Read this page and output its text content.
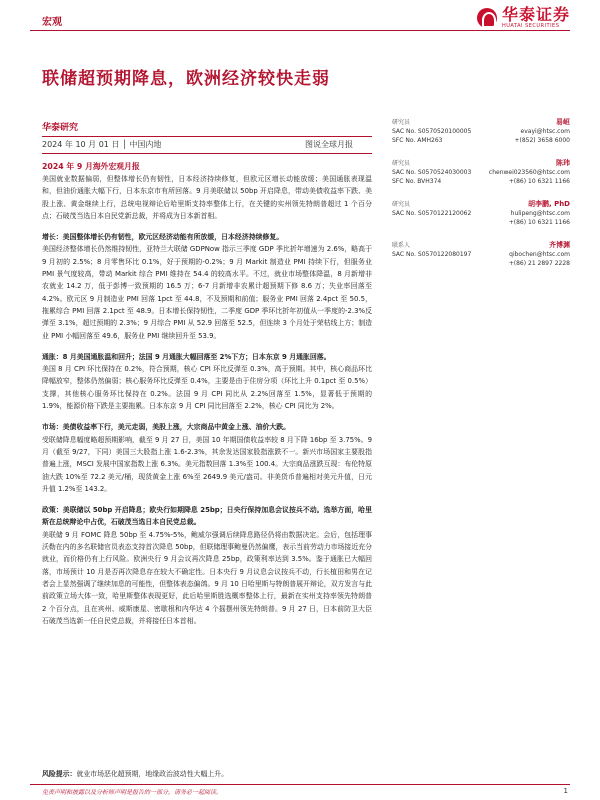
宏观	华泰证券
HUATAI SECURITIES
联储超预期降息，欧洲经济较快走弱
华泰研究
2024 年 10 月 01 日 │ 中国内地	图说全球月报

2024 年 9 月海外宏观月报

美国就业数据偏弱，但整体增长仍有韧性，日本经济持续修复，但欧元区增长动能放缓；美国通胀表现温和，但油价通胀大幅下行，日本东京市有所回落。9 月美联储以 50bp 开启降息，带动美债收益率下跌、美股上涨、黄金继续上行，总统电视辩论后哈里斯支持率整体上行，在关键的实州领先特朗普超过 1 个百分点；石破茂当选日本自民党新总裁，并将成为日本新首相。

增长：美国整体增长仍有韧性，欧元区经济动能有所放缓，日本经济持续修复。

美国经济整体增长仍然维持韧性，亚特兰大联储 GDPNow 指示三季度 GDP 季比折年增速为 2.6%，略高于 9 月初的 2.5%；8 月零售环比 0.1%，好于预期的-0.2%；9 月 Markit 制造业 PMI 持续下行，但服务业 PMI 景气度较高，带动 Markit 综合 PMI 维持在 54.4 的较高水平。不过，就业市场整体降温，8 月新增非农就业 14.2 万，低于彭博一致预期的 16.5 万；6-7 月新增非农累计超预期下修 8.6 万；失业率回落至 4.2%。欧元区 9 月制造业 PMI 回落 1pct 至 44.8，不及预期和前值；服务业 PMI 回落 2.4pct 至 50.5，拖累综合 PMI 回落 2.1pct 至 48.9。日本增长保持韧性，二季度 GDP 季环比折年初值从一季度的-2.3%反弹至 3.1%，超过预期的 2.3%；9 月综合 PMI 从 52.9 回落至 52.5，但连续 3 个月处于荣枯线上方；制造业 PMI 小幅回落至 49.6，服务业 PMI 继续回升至 53.9。

通胀：8 月美国通胀温和回升；法国 9 月通胀大幅回落至 2%下方；日本东京 9 月通胀回落。

美国 8 月 CPI 环比保持在 0.2%，符合预期，核心 CPI 环比反弹至 0.3%，高于预期。其中，核心商品环比降幅放窄，整体仍然偏弱；核心服务环比反弹至 0.4%，主要是由于住房分项（环比上升 0.1pct 至 0.5%）支撑，其他核心服务环比保持在 0.2%。法国 9 月 CPI 同比从 2.2%回落至 1.5%，显著低于预期的 1.9%，能源价格下跌是主要拖累。日本东京 9 月 CPI 同比回落至 2.2%，核心 CPI 同比为 2%。

市场：美债收益率下行，美元走弱，美股上涨，大宗商品中黄金上涨、油价大跌。

受联储降息幅度略超预期影响，截至 9 月 27 日，美国 10 年期国债收益率较 8 月下降 16bp 至 3.75%。9 月（截至 9/27，下同）美国三大股指上涨 1.6-2.3%，其余发达国家股指涨跌不一。新兴市场国家主要股指普遍上涨，MSCI 发展中国家指数上涨 6.3%。美元指数回落 1.3%至 100.4。大宗商品涨跌互现：布伦特原油大跌 10%至 72.2 美元/桶，现货黄金上涨 6%至 2649.9 美元/盎司。非美货币普遍相对美元升值，日元升值 1.2%至 143.2。

政策：美联储以 50bp 开启降息；欧央行如期降息 25bp；日央行保持加息会议按兵不动。选举方面，哈里斯在总统辩论中占优，石破茂当选日本自民党总裁。

美联储 9 月 FOMC 降息 50bp 至 4.75%-5%，鲍威尔强调后续降息路径仍将由数据决定。会后，包括理事沃勒在内的多名联储官员表态支持首次降息 50bp，但联储理事鲍曼仍然偏鹰，表示当前劳动力市场接近充分就业，而价格仍有上行风险。欧洲央行 9 月会议再次降息 25bp，政策利率达到 3.5%。鉴于通胀已大幅回落，市场预计 10 月是否再次降息存在较大不确定性。日本央行 9 月议息会议按兵不动，行长植田和男在记者会上显然强调了继续加息的可能性，但整体表态偏鸽。9 月 10 日哈里斯与特朗普展开辩论，双方发言与此前政策立场大体一致，哈里斯整体表现更好，此后哈里斯胜选概率整体上行，最新在实州支持率领先特朗普 2 个百分点，且在宾州、威斯康星、密歇根和内华达 4 个摇摆州领先特朗普。9 月 27 日，日本前防卫大臣石破茂当选新一任自民党总裁，并将接任日本首相。

风险提示：就业市场恶化超预期，地缘政治波动性大幅上升。
研究员	易峘
SAC No. S0570520100005	evayi@htsc.com
SFC No. AMH263	+(852) 3658 6000
研究员	陈玮
SAC No. S0570524030003	chenwei023560@htsc.com
SFC No. BVH374	+(86) 10 6321 1166
研究员	胡李鹏, PhD
SAC No. S0570122120062	hulipeng@htsc.com
+(86) 10 6321 1166
联系人	齐博渊
SAC No. S0570122080197	qibochen@htsc.com
+(86) 21 2897 2228
免责声明和披露以及分析师声明是报告的一部分，请务必一起阅读。	1
